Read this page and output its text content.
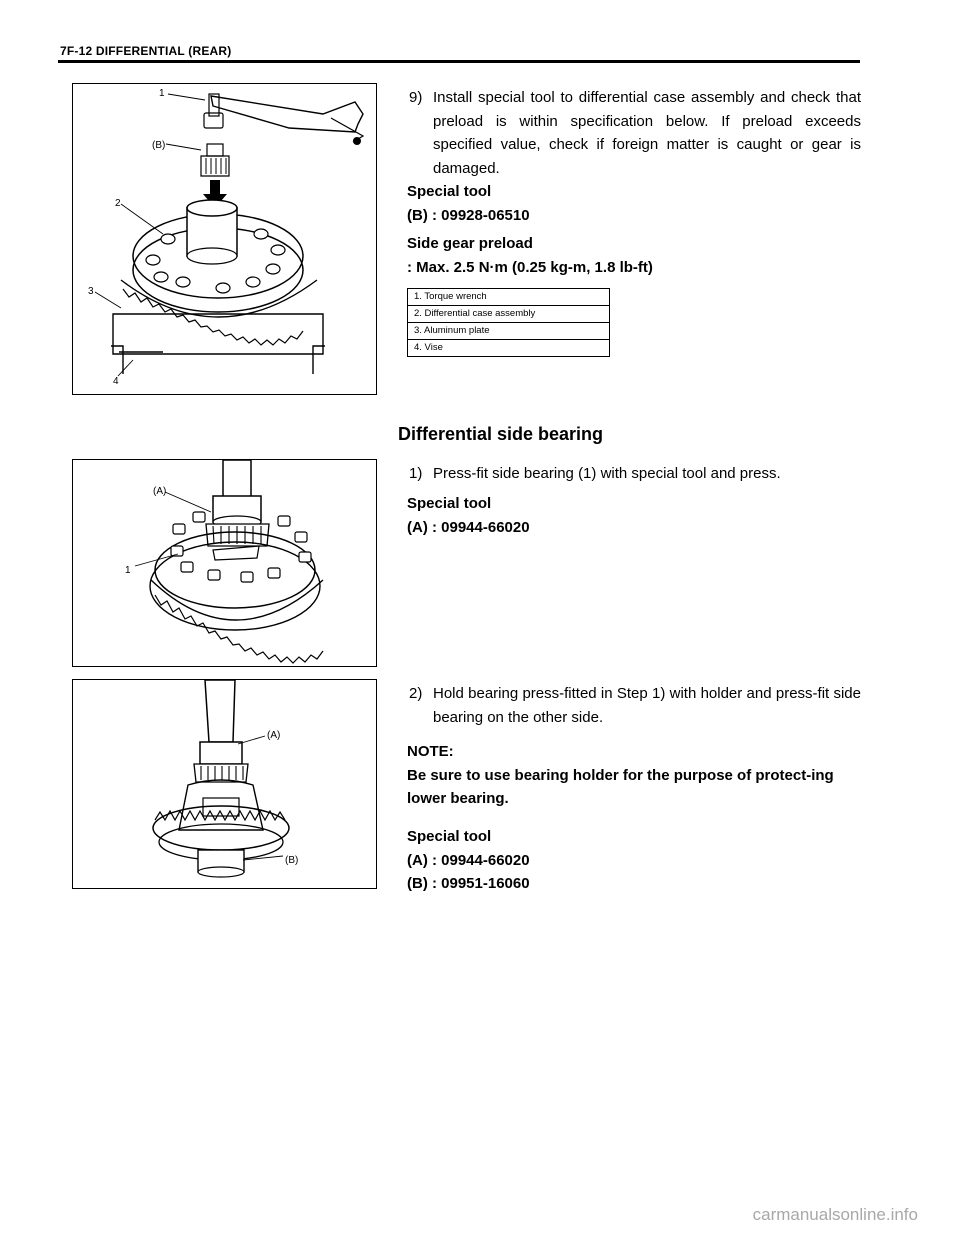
7F-12 DIFFERENTIAL (REAR)
1
(B)
2
3
4
9) Install special tool to differential case assembly and check that preload is within specification below. If preload exceeds specified value, check if foreign matter is caught or gear is damaged.
Special tool
(B) : 09928-06510
Side gear preload
: Max. 2.5 N·m (0.25 kg-m, 1.8 lb-ft)
1. Torque wrench
2. Differential case assembly
3. Aluminum plate
4. Vise
Differential side bearing
(A)
1
1) Press-fit side bearing (1) with special tool and press.
Special tool
(A) : 09944-66020
(A)
(B)
2) Hold bearing press-fitted in Step 1) with holder and press-fit side bearing on the other side.
NOTE:
Be sure to use bearing holder for the purpose of protect-ing lower bearing.
Special tool
(A) : 09944-66020
(B) : 09951-16060
carmanualsonline.info
